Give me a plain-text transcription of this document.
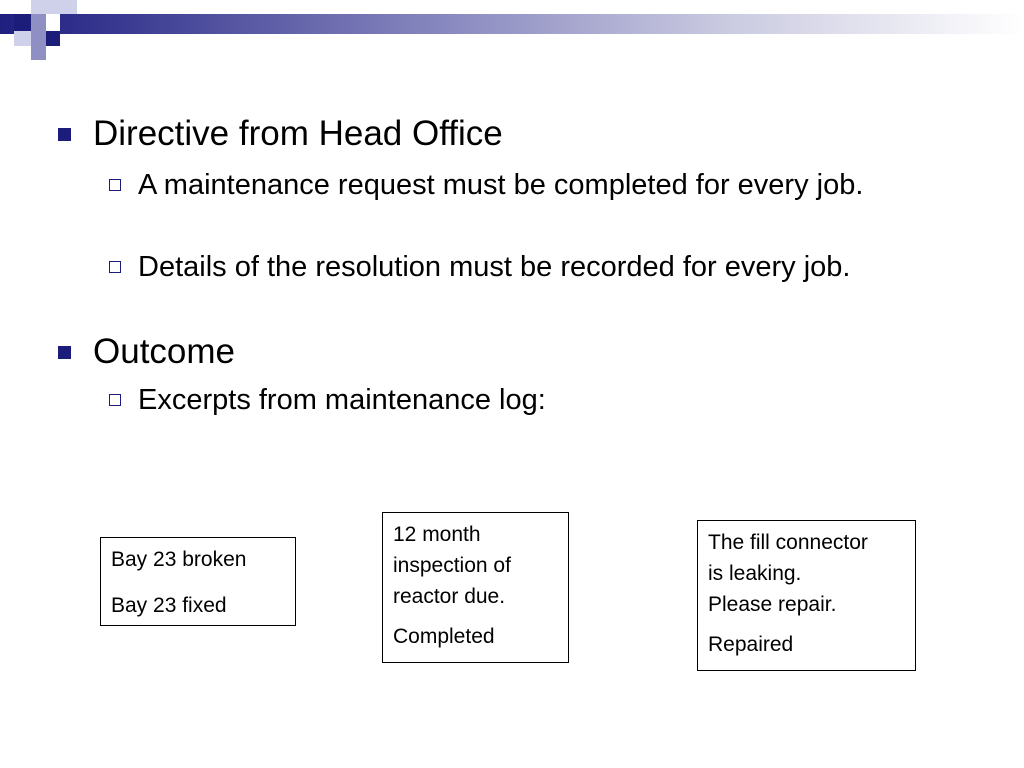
Directive from Head Office
A maintenance request must be completed for every job.
Details of the resolution must be recorded for every job.
Outcome
Excerpts from maintenance log:

Bay 23 broken

Bay 23 fixed

12 month

inspection of

reactor due.

Completed

The fill connector

is leaking.

Please repair.

Repaired
